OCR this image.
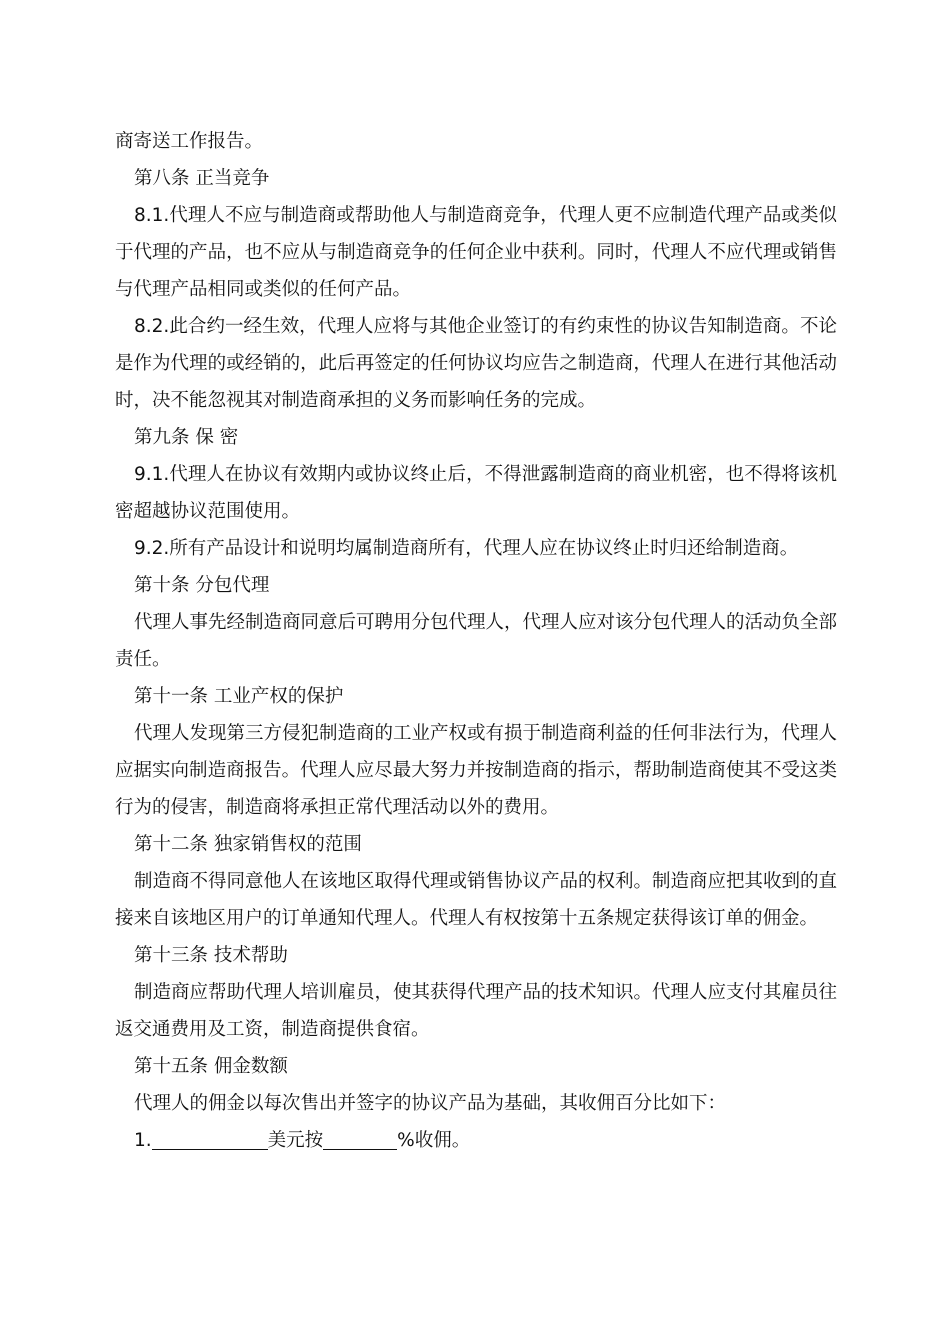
商寄送工作报告。

第八条 正当竞争

8.1.代理人不应与制造商或帮助他人与制造商竞争，代理人更不应制造代理产品或类似于代理的产品，也不应从与制造商竞争的任何企业中获利。同时，代理人不应代理或销售与代理产品相同或类似的任何产品。

8.2.此合约一经生效，代理人应将与其他企业签订的有约束性的协议告知制造商。不论是作为代理的或经销的，此后再签定的任何协议均应告之制造商，代理人在进行其他活动时，决不能忽视其对制造商承担的义务而影响任务的完成。

第九条 保 密

9.1.代理人在协议有效期内或协议终止后，不得泄露制造商的商业机密，也不得将该机密超越协议范围使用。

9.2.所有产品设计和说明均属制造商所有，代理人应在协议终止时归还给制造商。

第十条 分包代理

代理人事先经制造商同意后可聘用分包代理人，代理人应对该分包代理人的活动负全部责任。

第十一条 工业产权的保护

代理人发现第三方侵犯制造商的工业产权或有损于制造商利益的任何非法行为，代理人应据实向制造商报告。代理人应尽最大努力并按制造商的指示，帮助制造商使其不受这类行为的侵害，制造商将承担正常代理活动以外的费用。

第十二条 独家销售权的范围

制造商不得同意他人在该地区取得代理或销售协议产品的权利。制造商应把其收到的直接来自该地区用户的订单通知代理人。代理人有权按第十五条规定获得该订单的佣金。

第十三条 技术帮助

制造商应帮助代理人培训雇员，使其获得代理产品的技术知识。代理人应支付其雇员往返交通费用及工资，制造商提供食宿。

第十五条 佣金数额

代理人的佣金以每次售出并签字的协议产品为基础，其收佣百分比如下：

1.	美元按	%收佣。
